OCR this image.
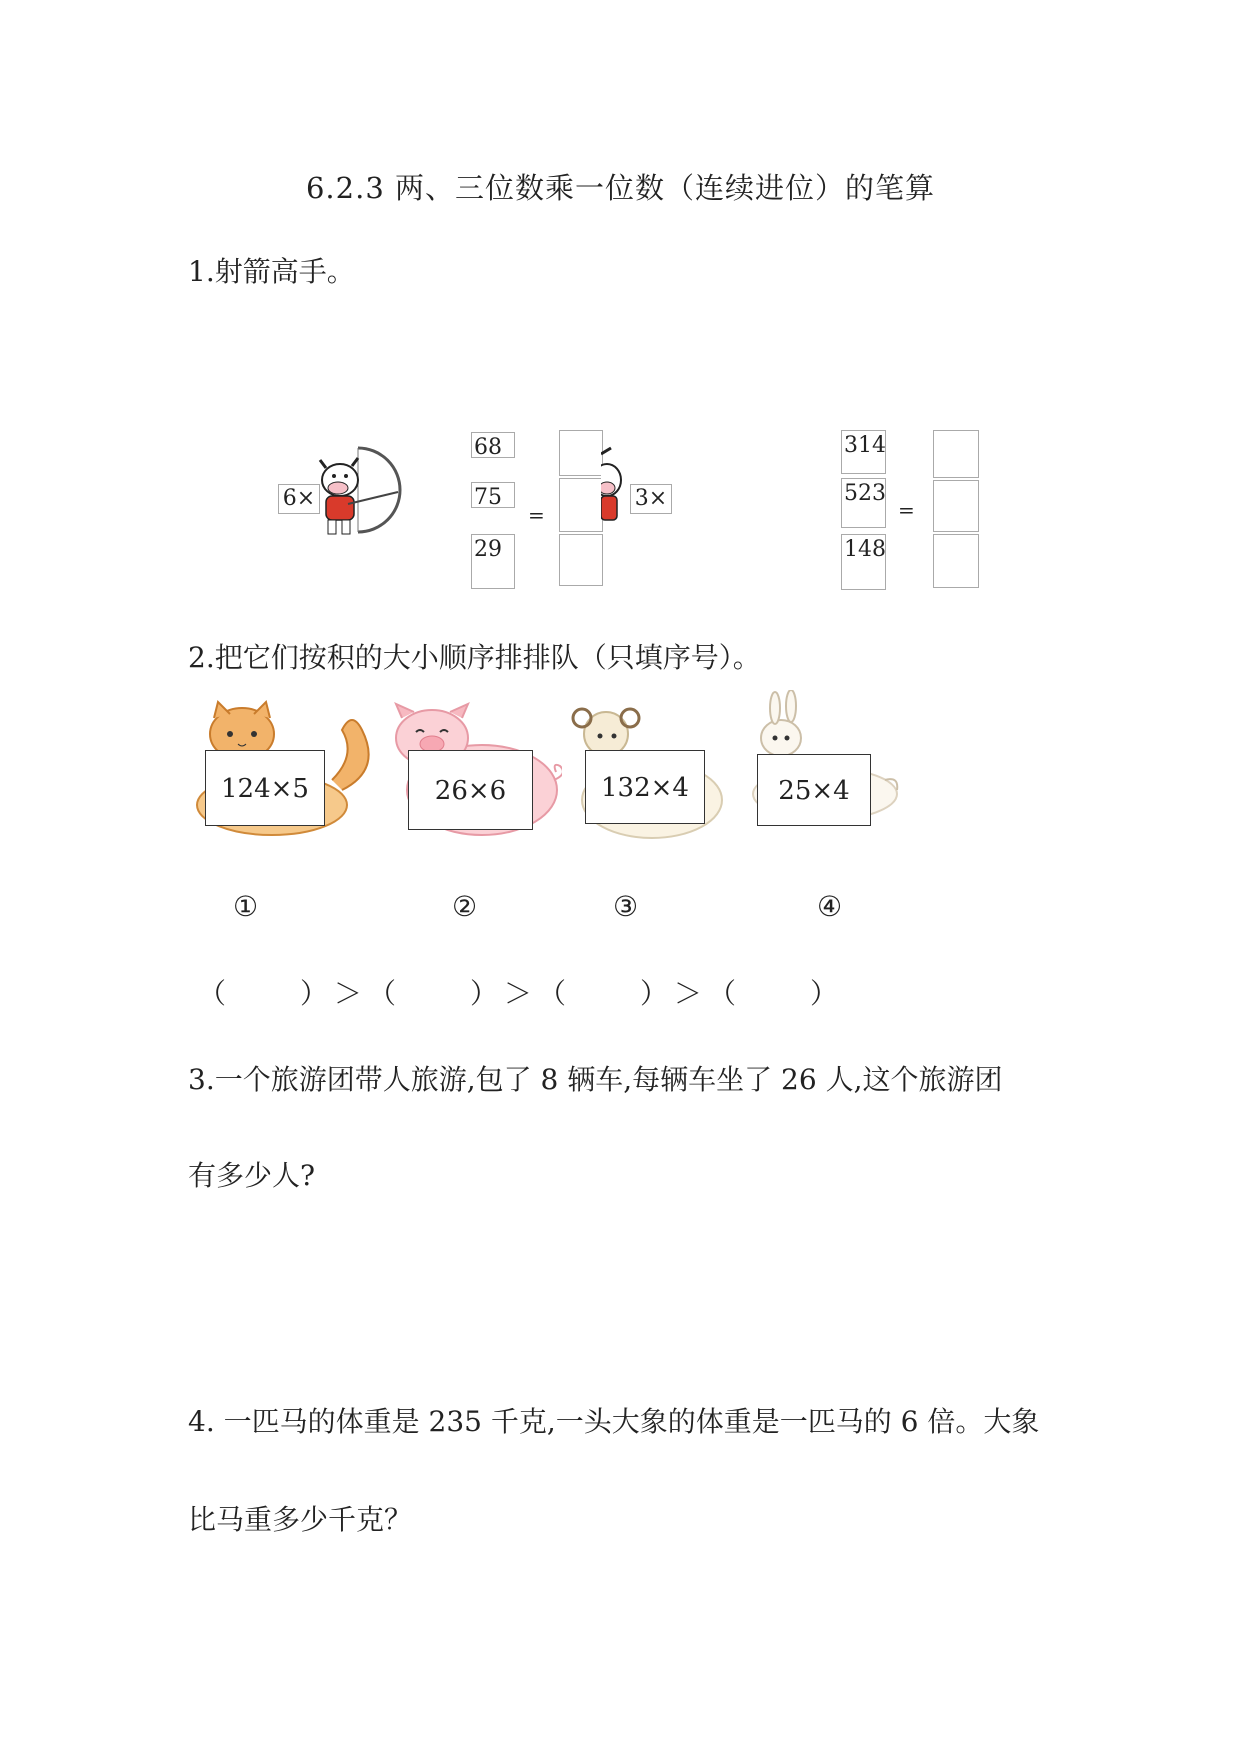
6.2.3 两、三位数乘一位数（连续进位）的笔算
1.射箭高手。
6×
68
75
29
=
3×
314
523
148
=
2.把它们按积的大小顺序排排队（只填序号）。
124×5	26×6	132×4	25×4
①	②	③	④
（　　）＞（　　）＞（　　）＞（　　）
3.一个旅游团带人旅游,包了 8 辆车,每辆车坐了 26 人,这个旅游团
有多少人?
4. 一匹马的体重是 235 千克,一头大象的体重是一匹马的 6 倍。大象
比马重多少千克？
